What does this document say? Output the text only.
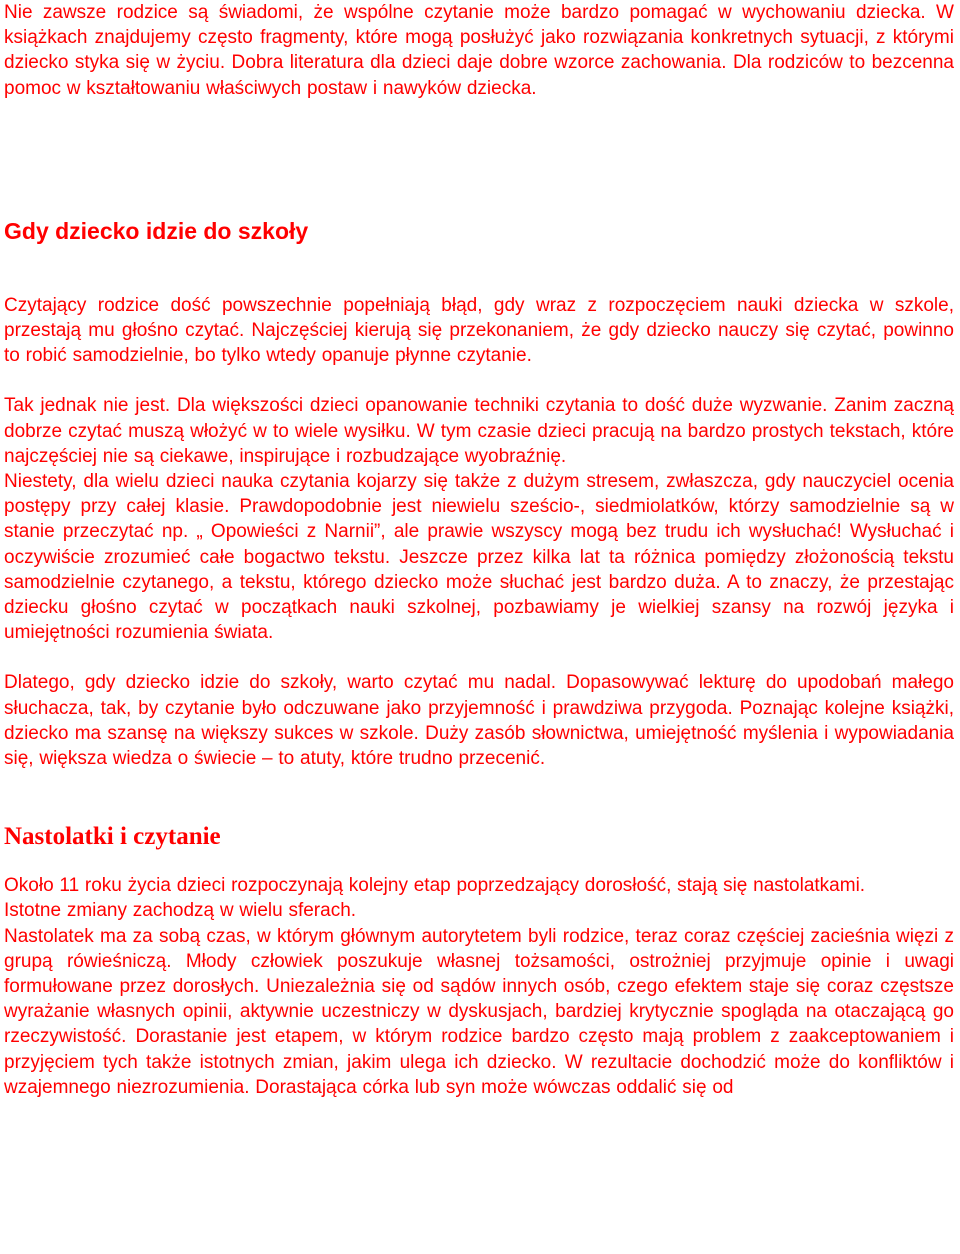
Nie zawsze rodzice są świadomi, że wspólne czytanie może bardzo pomagać w wychowaniu dziecka. W książkach znajdujemy często fragmenty, które mogą posłużyć jako rozwiązania konkretnych sytuacji, z którymi dziecko styka się w życiu. Dobra literatura dla dzieci daje dobre wzorce zachowania. Dla rodziców to bezcenna pomoc w kształtowaniu właściwych postaw i nawyków dziecka.

Gdy dziecko idzie do szkoły

Czytający rodzice dość powszechnie popełniają błąd, gdy wraz z rozpoczęciem nauki dziecka w szkole, przestają mu głośno czytać. Najczęściej kierują się przekonaniem, że gdy dziecko nauczy się czytać, powinno to robić samodzielnie, bo tylko wtedy opanuje płynne czytanie.

Tak jednak nie jest. Dla większości dzieci opanowanie techniki czytania to dość duże wyzwanie. Zanim zaczną dobrze czytać muszą włożyć w to wiele wysiłku. W tym czasie dzieci pracują na bardzo prostych tekstach, które najczęściej nie są ciekawe, inspirujące i rozbudzające wyobraźnię.

Niestety, dla wielu dzieci nauka czytania kojarzy się także z dużym stresem, zwłaszcza, gdy nauczyciel ocenia postępy przy całej klasie. Prawdopodobnie jest niewielu sześcio-, siedmiolatków, którzy samodzielnie są w stanie przeczytać np. „ Opowieści z Narnii”, ale prawie wszyscy mogą bez trudu ich wysłuchać! Wysłuchać i oczywiście zrozumieć całe bogactwo tekstu. Jeszcze przez kilka lat ta różnica pomiędzy złożonością tekstu samodzielnie czytanego, a tekstu, którego dziecko może słuchać jest bardzo duża. A to znaczy, że przestając dziecku głośno czytać w początkach nauki szkolnej, pozbawiamy je wielkiej szansy na rozwój języka i umiejętności rozumienia świata.

Dlatego, gdy dziecko idzie do szkoły, warto czytać mu nadal. Dopasowywać lekturę do upodobań małego słuchacza, tak, by czytanie było odczuwane jako przyjemność i prawdziwa przygoda. Poznając kolejne książki, dziecko ma szansę na większy sukces w szkole. Duży zasób słownictwa, umiejętność myślenia i wypowiadania się, większa wiedza o świecie – to atuty, które trudno przecenić.

Nastolatki i czytanie

Około 11 roku życia dzieci rozpoczynają kolejny etap poprzedzający dorosłość, stają się nastolatkami.

Istotne zmiany zachodzą w wielu sferach.

Nastolatek ma za sobą czas, w którym głównym autorytetem byli rodzice, teraz coraz częściej zacieśnia więzi z grupą rówieśniczą. Młody człowiek poszukuje własnej tożsamości, ostrożniej przyjmuje opinie i uwagi formułowane przez dorosłych. Uniezależnia się od sądów innych osób, czego efektem staje się coraz częstsze wyrażanie własnych opinii, aktywnie uczestniczy w dyskusjach, bardziej krytycznie spogląda na otaczającą go rzeczywistość. Dorastanie jest etapem, w którym rodzice bardzo często mają problem z zaakceptowaniem i przyjęciem tych także istotnych zmian, jakim ulega ich dziecko. W rezultacie dochodzić może do konfliktów i wzajemnego niezrozumienia. Dorastająca córka lub syn może wówczas oddalić się od
